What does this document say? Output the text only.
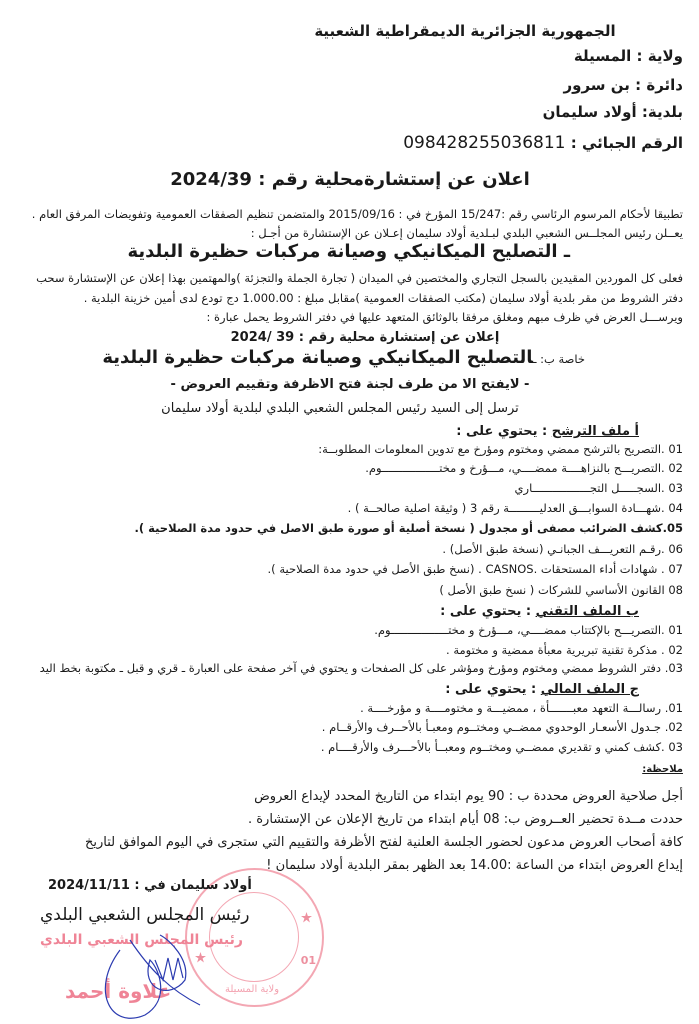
الجمهورية الجزائرية الديمقراطية الشعبية
ولاية : المسيلة
دائرة : بن سرور
بلدية: أولاد سليمان
الرقم الجبائي : 098428255036811
اعلان عن إستشارةمحلية رقم : 2024/39
تطبيقا لأحكام المرسوم الرئاسي رقم :15/247 المؤرخ في : 2015/09/16 والمتضمن تنظيم الصفقات العمومية وتفويضات المرفق العام .
يعــلن رئيس المجلــس الشعبي البلدي لبـلدية أولاد سليمان إعـلان عن الإستشارة من أجـل :
ـ التصليح الميكانيكي وصيانة مركبات حظيرة البلدية
فعلى كل الموردين المقيدين بالسجل التجاري والمختصين في الميدان ( تجارة الجملة والتجزئة )والمهتمين بهذا إعلان عن الإستشارة سحب
دفتر الشروط من مقر بلدية أولاد سليمان (مكتب الصفقات العمومية )مقابل مبلغ : 1.000.00 دج تودع لدى أمين خزينة البلدية .
ويرســـل العرض في ظرف مبهم ومغلق مرفقا بالوثائق المتعهد عليها في دفتر الشروط يحمل عبارة :
إعلان عن إستشارة محلية رقم : 39 /2024
خاصة ب: ـالتصليح الميكانيكي وصيانة مركبات حظيرة البلدية
- لايفتح الا من طرف لجنة فتح الاظرفة وتقييم العروض -
ترسل إلى السيد رئيس المجلس الشعبي البلدي لبلدية أولاد سليمان
أ ملف الترشح : يحتوي على :
01 .التصريح بالترشح ممضي ومختوم ومؤرخ مع تدوين المعلومات المطلوبــة:
02 .التصريـــح بالنزاهــــة ممضــــي، مـــؤرخ و مختـــــــــــــــــوم.
03 .السجـــــل التجـــــــــــــــــاري
04 .شهـــادة السوابـــق العدليـــــــــة رقم 3 ( وثيقة اصلية صالحــة ) .
05.كشف الضرائب مصفى أو مجدول ( نسخة أصلية أو صورة طبق الاصل في حدود مدة الصلاحية ).
06 .رقـم التعريـــف الجبانـي (نسخة طبق الأصل) .
07 . شهادات أداء المستحقات .CASNOS . (نسخ طبق الأصل في حدود مدة الصلاحية ).
08 القانون الأساسي للشركات ( نسخ طبق الأصل )
ب الملف التقني : يحتوي على :
01 .التصريـــح بالإكتتاب ممضــــي، مـــؤرخ و مختـــــــــــــــــوم.
02 . مذكرة تقنية تبريرية معبأة ممضية و مختومة .
03. دفتر الشروط ممضي ومختوم ومؤرخ ومؤشر على كل الصفحات و يحتوي في آخر صفحة على العبارة ـ قري و قبل ـ مكتوبة بخط اليد
ج الملف المالي : يحتوي على :
01. رسالـــة التعهد معبـــــــأة ، ممضيـــة و مختومــــة و مؤرخــــة .
02. جـدول الأسعـار الوحدوي ممضــي ومختــوم ومعبـأ بالأحــرف والأرقــام .
03 .كشف كمني و تقديري ممضــي ومختــوم ومعبــأ بالأحـــرف والأرقــــام .
ملاحظة:
أجل صلاحية العروض محددة ب : 90 يوم ابتداء من التاريخ المحدد لإيداع العروض
حددت مــدة تحضير العــروض ب: 08 أيام ابتداء من تاريخ الإعلان عن الإستشارة .
كافة أصحاب العروض مدعون لحضور الجلسة العلنية لفتح الأظرفة والتقييم التي ستجرى في اليوم الموافق لتاريخ
إيداع العروض ابتداء من الساعة :14.00 بعد الظهر بمقر البلدية أولاد سليمان !
01
ولاية المسيلة
أولاد سليمان في : 2024/11/11
رئيس المجلس الشعبي البلدي
رئيس المجلس الشعبي البلدي
علاوة أحمد
